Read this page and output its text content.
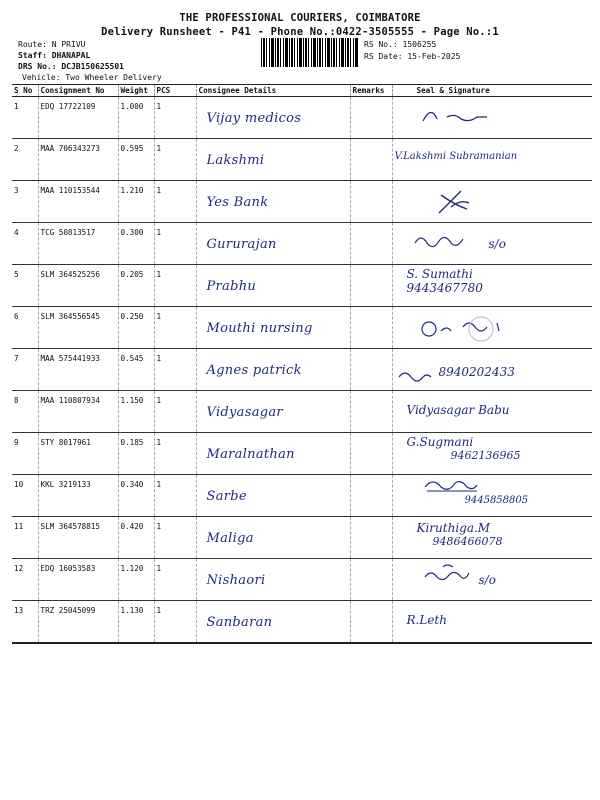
THE PROFESSIONAL COURIERS, COIMBATORE
Delivery Runsheet - P41 - Phone No.:0422-3505555 - Page No.:1
Route: N PRIVU
Staff: DHANAPAL
DRS No.: DCJB150625501
Vehicle: Two Wheeler Delivery
RS No.: 1506255
RS Date: 15-Feb-2025
S No	Consignment No	Weight	PCS	Consignee Details	Remarks	Seal & Signature
1	EDQ 17722109	1.000	1	Vijay medicos

2	MAA 706343273	0.595	1	Lakshmi		V.Lakshmi Subramanian

3	MAA 110153544	1.210	1	Yes Bank

4	TCG 50813517	0.300	1	Gururajan		s/o

5	SLM 364525256	0.205	1	Prabhu		S. Sumathi
9443467780

6	SLM 364556545	0.250	1	Mouthi nursing

7	MAA 575441933	0.545	1	Agnes patrick		8940202433

8	MAA 110807934	1.150	1	Vidyasagar		Vidyasagar Babu

9	STY 8017961	0.185	1	Maralnathan		G.Sugmani
9462136965

10	KKL 3219133	0.340	1	Sarbe		9445858805

11	SLM 364578815	0.420	1	Maliga		Kiruthiga.M
9486466078

12	EDQ 16053583	1.120	1	Nishaori		s/o

13	TRZ 25045099	1.130	1	Sanbaran		R.Leth
